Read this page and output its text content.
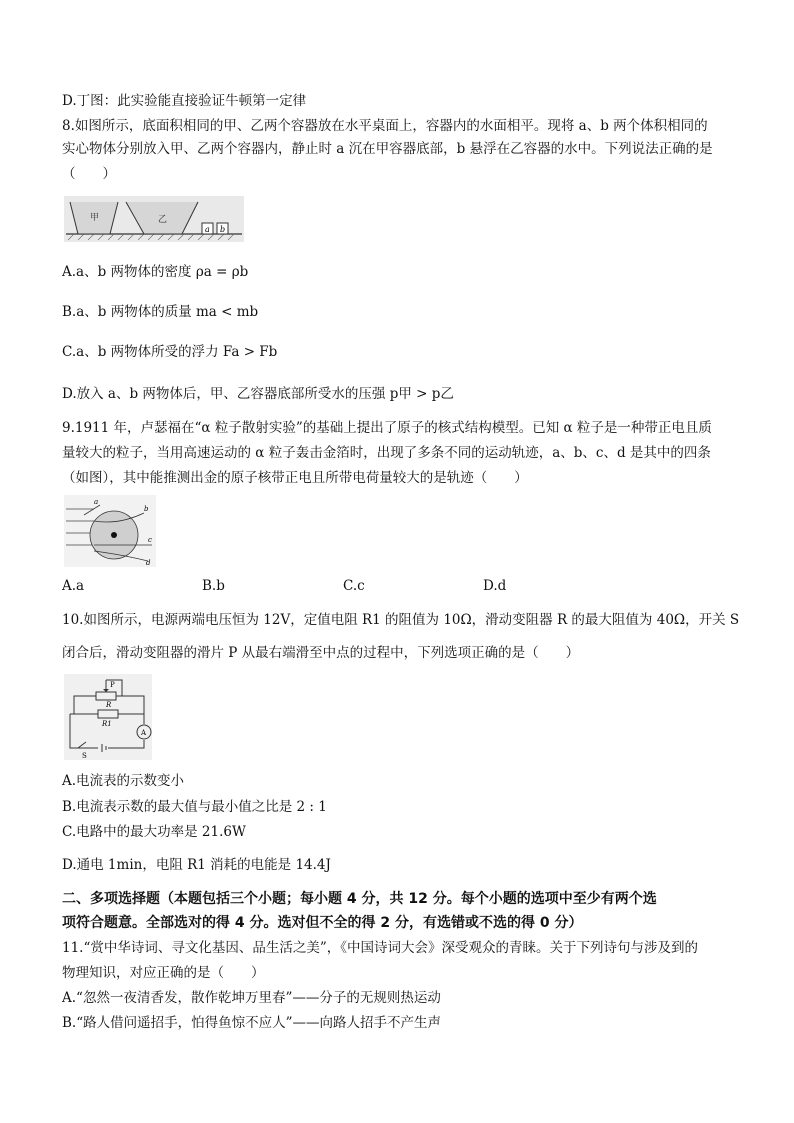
D.丁图：此实验能直接验证牛顿第一定律
8.如图所示，底面积相同的甲、乙两个容器放在水平桌面上，容器内的水面相平。现将 a、b 两个体积相同的
实心物体分别放入甲、乙两个容器内，静止时 a 沉在甲容器底部，b 悬浮在乙容器的水中。下列说法正确的是
（　　）
甲	乙
a b
A.a、b 两物体的密度 ρa = ρb
B.a、b 两物体的质量 ma < mb
C.a、b 两物体所受的浮力 Fa > Fb
D.放入 a、b 两物体后，甲、乙容器底部所受水的压强 p甲 > p乙
9.1911 年，卢瑟福在“α 粒子散射实验”的基础上提出了原子的核式结构模型。已知 α 粒子是一种带正电且质
量较大的粒子，当用高速运动的 α 粒子轰击金箔时，出现了多条不同的运动轨迹，a、b、c、d 是其中的四条
（如图），其中能推测出金的原子核带正电且所带电荷量较大的是轨迹（　　）
a
b
c
d
A.a	B.b	C.c	D.d
10.如图所示，电源两端电压恒为 12V，定值电阻 R1 的阻值为 10Ω，滑动变阻器 R 的最大阻值为 40Ω，开关 S
闭合后，滑动变阻器的滑片 P 从最右端滑至中点的过程中，下列选项正确的是（　　）
P
R
R1
A
S
A.电流表的示数变小
B.电流表示数的最大值与最小值之比是 2 : 1
C.电路中的最大功率是 21.6W
D.通电 1min，电阻 R1 消耗的电能是 14.4J
二、多项选择题（本题包括三个小题；每小题 4 分，共 12 分。每个小题的选项中至少有两个选
项符合题意。全部选对的得 4 分。选对但不全的得 2 分，有选错或不选的得 0 分）
11.“赏中华诗词、寻文化基因、品生活之美”，《中国诗词大会》深受观众的青睐。关于下列诗句与涉及到的
物理知识，对应正确的是（　　）
A.“忽然一夜清香发，散作乾坤万里春”——分子的无规则热运动
B.“路人借问遥招手，怕得鱼惊不应人”——向路人招手不产生声
